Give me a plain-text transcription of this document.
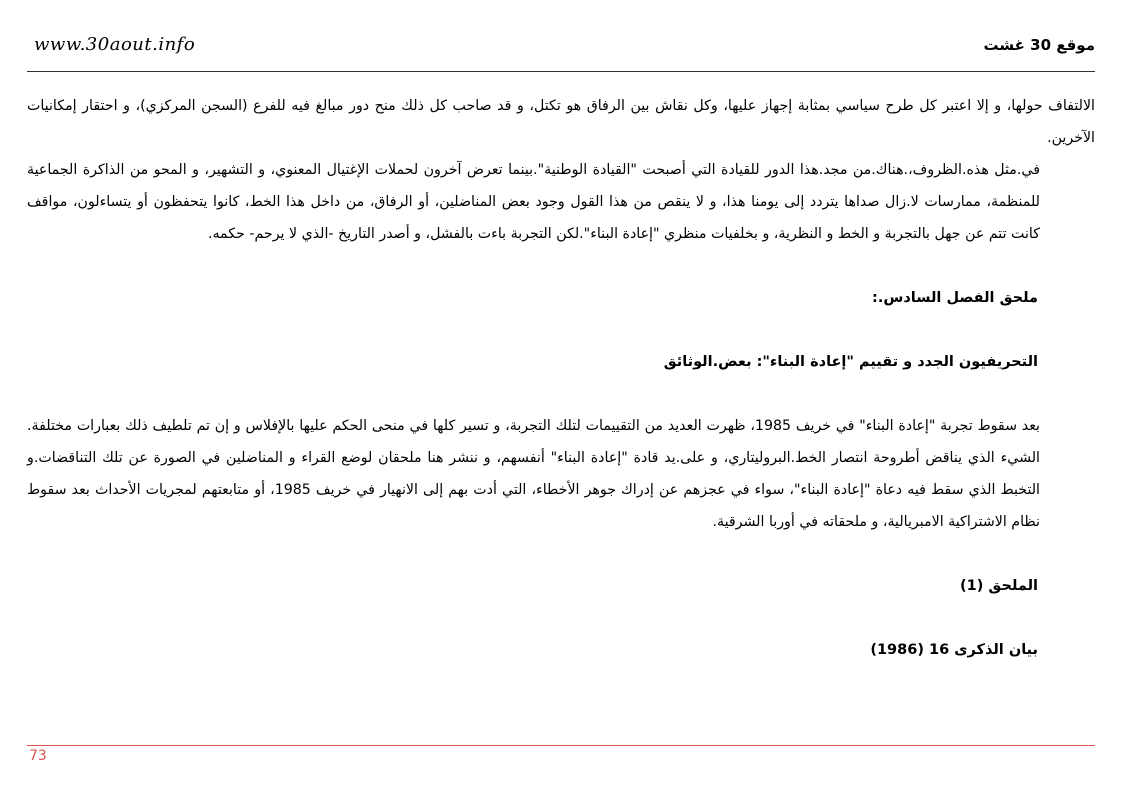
www.30aout.info	موقع 30 غشت

الالتفاف حولها، و إلا اعتبر كل طرح سياسي بمثابة إجهاز عليها، وكل نقاش بين الرفاق هو تكتل، و قد صاحب كل ذلك منح دور مبالغ فيه للفرع (السجن المركزي)، و احتقار إمكانيات الآخرين.

في.مثل هذه.الظروف،.هناك.من مجد.هذا الدور للقيادة التي أصبحت "القيادة الوطنية".بينما تعرض آخرون لحملات الإغتيال المعنوي، و التشهير، و المحو من الذاكرة الجماعية للمنظمة، ممارسات لا.زال صداها يتردد إلى يومنا هذا، و لا ينقص من هذا القول وجود بعض المناضلين، أو الرفاق، من داخل هذا الخط، كانوا يتحفظون أو يتساءلون، مواقف كانت تتم عن جهل بالتجربة و الخط و النظرية، و بخلفيات منظري "إعادة البناء".لكن التجربة باءت بالفشل، و أصدر التاريخ -الذي لا يرحم- حكمه.

ملحق الفصل السادس.:

التحريفيون الجدد و تقييم "إعادة البناء": بعض.الوثائق

بعد سقوط تجربة "إعادة البناء" في خريف 1985، ظهرت العديد من التقييمات لتلك التجربة، و تسير كلها في منحى الحكم عليها بالإفلاس و إن تم تلطيف ذلك بعبارات مختلفة. الشيء الذي يناقض أطروحة انتصار الخط.البروليتاري، و على.يد قادة "إعادة البناء" أنفسهم، و ننشر هنا ملحقان لوضع القراء و المناضلين في الصورة عن تلك التناقضات.و التخبط الذي سقط فيه دعاة "إعادة البناء"، سواء في عجزهم عن إدراك جوهر الأخطاء، التي أدت بهم إلى الانهيار في خريف 1985، أو متابعتهم لمجريات الأحداث بعد سقوط نظام الاشتراكية الامبريالية، و ملحقاته في أوربا الشرقية.

الملحق (1)

بيان الذكرى 16 (1986)

73
